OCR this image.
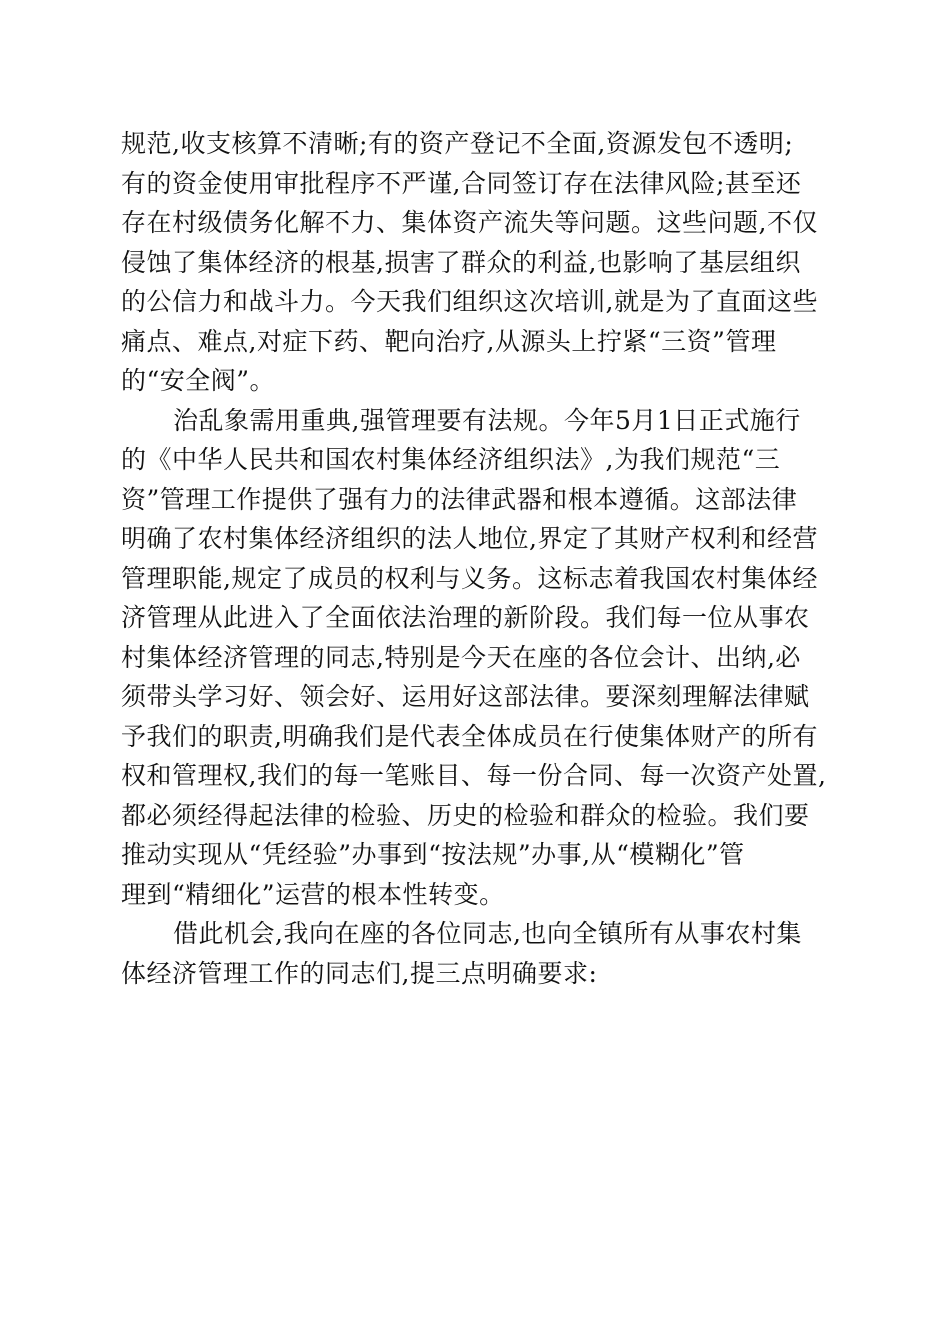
规范,收支核算不清晰;有的资产登记不全面,资源发包不透明;
有的资金使用审批程序不严谨,合同签订存在法律风险;甚至还
存在村级债务化解不力、集体资产流失等问题。这些问题,不仅
侵蚀了集体经济的根基,损害了群众的利益,也影响了基层组织
的公信力和战斗力。今天我们组织这次培训,就是为了直面这些
痛点、难点,对症下药、靶向治疗,从源头上拧紧“三资”管理
的“安全阀”。
治乱象需用重典,强管理要有法规。今年5月1日正式施行
的《中华人民共和国农村集体经济组织法》,为我们规范“三
资”管理工作提供了强有力的法律武器和根本遵循。这部法律
明确了农村集体经济组织的法人地位,界定了其财产权利和经营
管理职能,规定了成员的权利与义务。这标志着我国农村集体经
济管理从此进入了全面依法治理的新阶段。我们每一位从事农
村集体经济管理的同志,特别是今天在座的各位会计、出纳,必
须带头学习好、领会好、运用好这部法律。要深刻理解法律赋
予我们的职责,明确我们是代表全体成员在行使集体财产的所有
权和管理权,我们的每一笔账目、每一份合同、每一次资产处置,
都必须经得起法律的检验、历史的检验和群众的检验。我们要
推动实现从“凭经验”办事到“按法规”办事,从“模糊化”管
理到“精细化”运营的根本性转变。
借此机会,我向在座的各位同志,也向全镇所有从事农村集
体经济管理工作的同志们,提三点明确要求:
